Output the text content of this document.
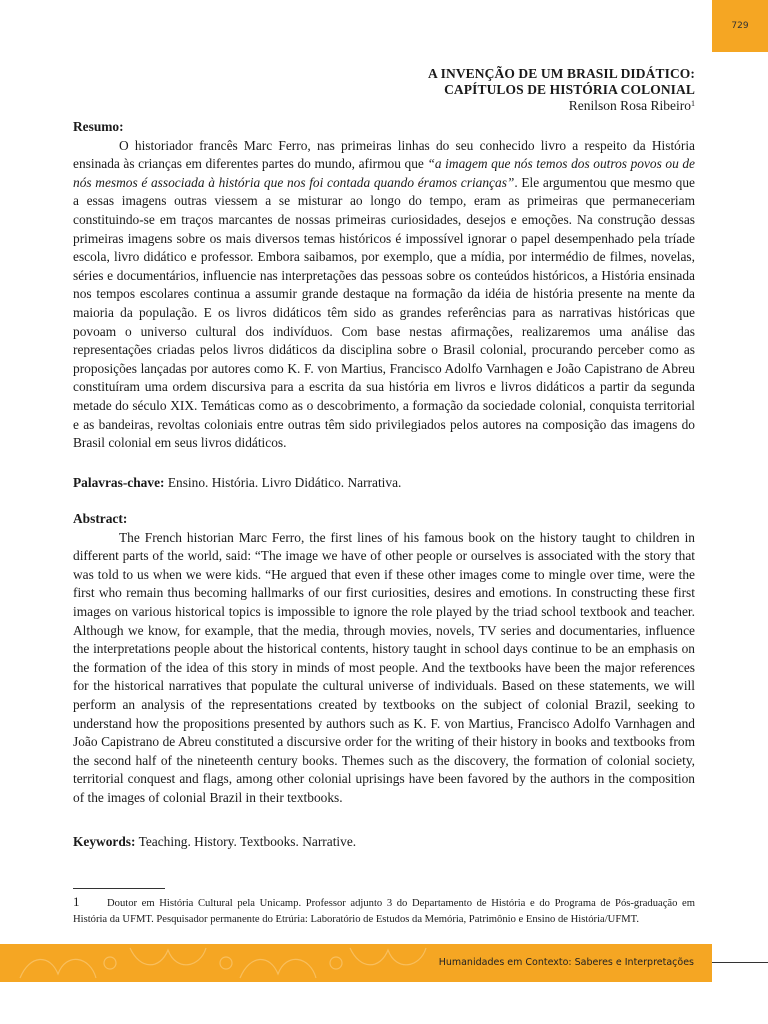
729
A INVENÇÃO DE UM BRASIL DIDÁTICO:
CAPÍTULOS DE HISTÓRIA COLONIAL
Renilson Rosa Ribeiro$^1$
Resumo:
O historiador francês Marc Ferro, nas primeiras linhas do seu conhecido livro a respeito da História ensinada às crianças em diferentes partes do mundo, afirmou que “a imagem que nós temos dos outros povos ou de nós mesmos é associada à história que nos foi contada quando éramos crianças”. Ele argumentou que mesmo que a essas imagens outras viessem a se misturar ao longo do tempo, eram as primeiras que permaneceriam constituindo-se em traços marcantes de nossas primeiras curiosidades, desejos e emoções. Na construção dessas primeiras imagens sobre os mais diversos temas históricos é impossível ignorar o papel desempenhado pela tríade escola, livro didático e professor. Embora saibamos, por exemplo, que a mídia, por intermédio de filmes, novelas, séries e documentários, influencie nas interpretações das pessoas sobre os conteúdos históricos, a História ensinada nos tempos escolares continua a assumir grande destaque na formação da idéia de história presente na mente da maioria da população. E os livros didáticos têm sido as grandes referências para as narrativas históricas que povoam o universo cultural dos indivíduos. Com base nestas afirmações, realizaremos uma análise das representações criadas pelos livros didáticos da disciplina sobre o Brasil colonial, procurando perceber como as proposições lançadas por autores como K. F. von Martius, Francisco Adolfo Varnhagen e João Capistrano de Abreu constituíram uma ordem discursiva para a escrita da sua história em livros e livros didáticos a partir da segunda metade do século XIX. Temáticas como as o descobrimento, a formação da sociedade colonial, conquista territorial e as bandeiras, revoltas coloniais entre outras têm sido privilegiados pelos autores na composição das imagens do Brasil colonial em seus livros didáticos.
Palavras-chave: Ensino. História. Livro Didático. Narrativa.
Abstract:
The French historian Marc Ferro, the first lines of his famous book on the history taught to children in different parts of the world, said: “The image we have of other people or ourselves is associated with the story that was told to us when we were kids. “He argued that even if these other images come to mingle over time, were the first who remain thus becoming hallmarks of our first curiosities, desires and emotions. In constructing these first images on various historical topics is impossible to ignore the role played by the triad school textbook and teacher. Although we know, for example, that the media, through movies, novels, TV series and documentaries, influence the interpretations people about the historical contents, history taught in school days continue to be an emphasis on the formation of the idea of this story in minds of most people. And the textbooks have been the major references for the historical narratives that populate the cultural universe of individuals. Based on these statements, we will perform an analysis of the representations created by textbooks on the subject of colonial Brazil, seeking to understand how the propositions presented by authors such as K. F. von Martius, Francisco Adolfo Varnhagen and João Capistrano de Abreu constituted a discursive order for the writing of their history in books and textbooks from the second half of the nineteenth century books. Themes such as the discovery, the formation of colonial society, territorial conquest and flags, among other colonial uprisings have been favored by the authors in the composition of the images of colonial Brazil in their textbooks.
Keywords: Teaching. History. Textbooks. Narrative.
1	Doutor em História Cultural pela Unicamp. Professor adjunto 3 do Departamento de História e do Programa de Pós-graduação em História da UFMT. Pesquisador permanente do Etrúria: Laboratório de Estudos da Memória, Patrimônio e Ensino de História/UFMT.
Humanidades em Contexto: Saberes e Interpretações
